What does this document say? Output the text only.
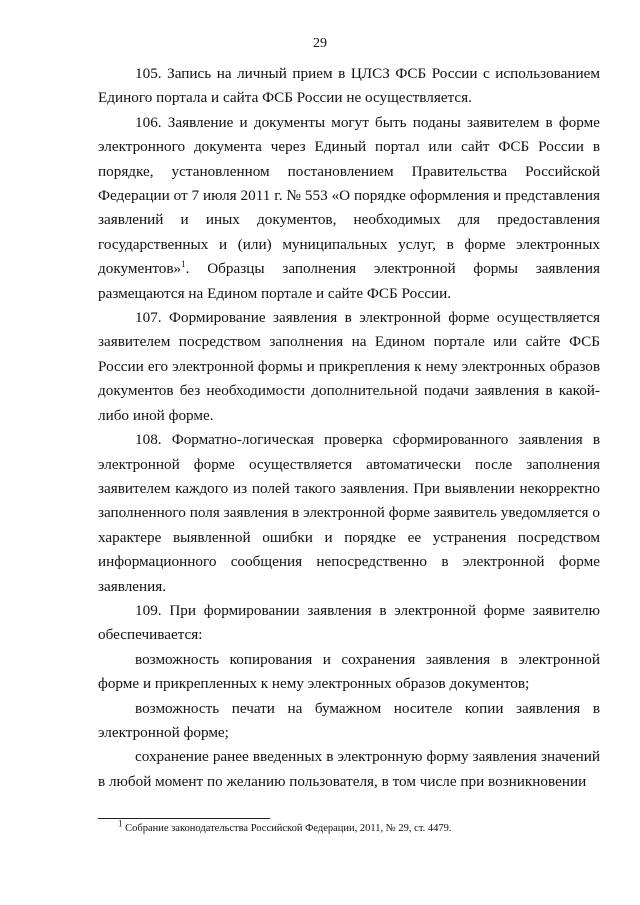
29

105. Запись на личный прием в ЦЛСЗ ФСБ России с использованием Единого портала и сайта ФСБ России не осуществляется.

106. Заявление и документы могут быть поданы заявителем в форме электронного документа через Единый портал или сайт ФСБ России в порядке, установленном постановлением Правительства Российской Федерации от 7 июля 2011 г. № 553 «О порядке оформления и представления заявлений и иных документов, необходимых для предоставления государственных и (или) муниципальных услуг, в форме электронных документов»$^1$. Образцы заполнения электронной формы заявления размещаются на Едином портале и сайте ФСБ России.

107. Формирование заявления в электронной форме осуществляется заявителем посредством заполнения на Едином портале или сайте ФСБ России его электронной формы и прикрепления к нему электронных образов документов без необходимости дополнительной подачи заявления в какой-либо иной форме.

108. Форматно-логическая проверка сформированного заявления в электронной форме осуществляется автоматически после заполнения заявителем каждого из полей такого заявления. При выявлении некорректно заполненного поля заявления в электронной форме заявитель уведомляется о характере выявленной ошибки и порядке ее устранения посредством информационного сообщения непосредственно в электронной форме заявления.

109. При формировании заявления в электронной форме заявителю обеспечивается:

возможность копирования и сохранения заявления в электронной форме и прикрепленных к нему электронных образов документов;

возможность печати на бумажном носителе копии заявления в электронной форме;

сохранение ранее введенных в электронную форму заявления значений в любой момент по желанию пользователя, в том числе при возникновении

$^1$ Собрание законодательства Российской Федерации, 2011, № 29, ст. 4479.
